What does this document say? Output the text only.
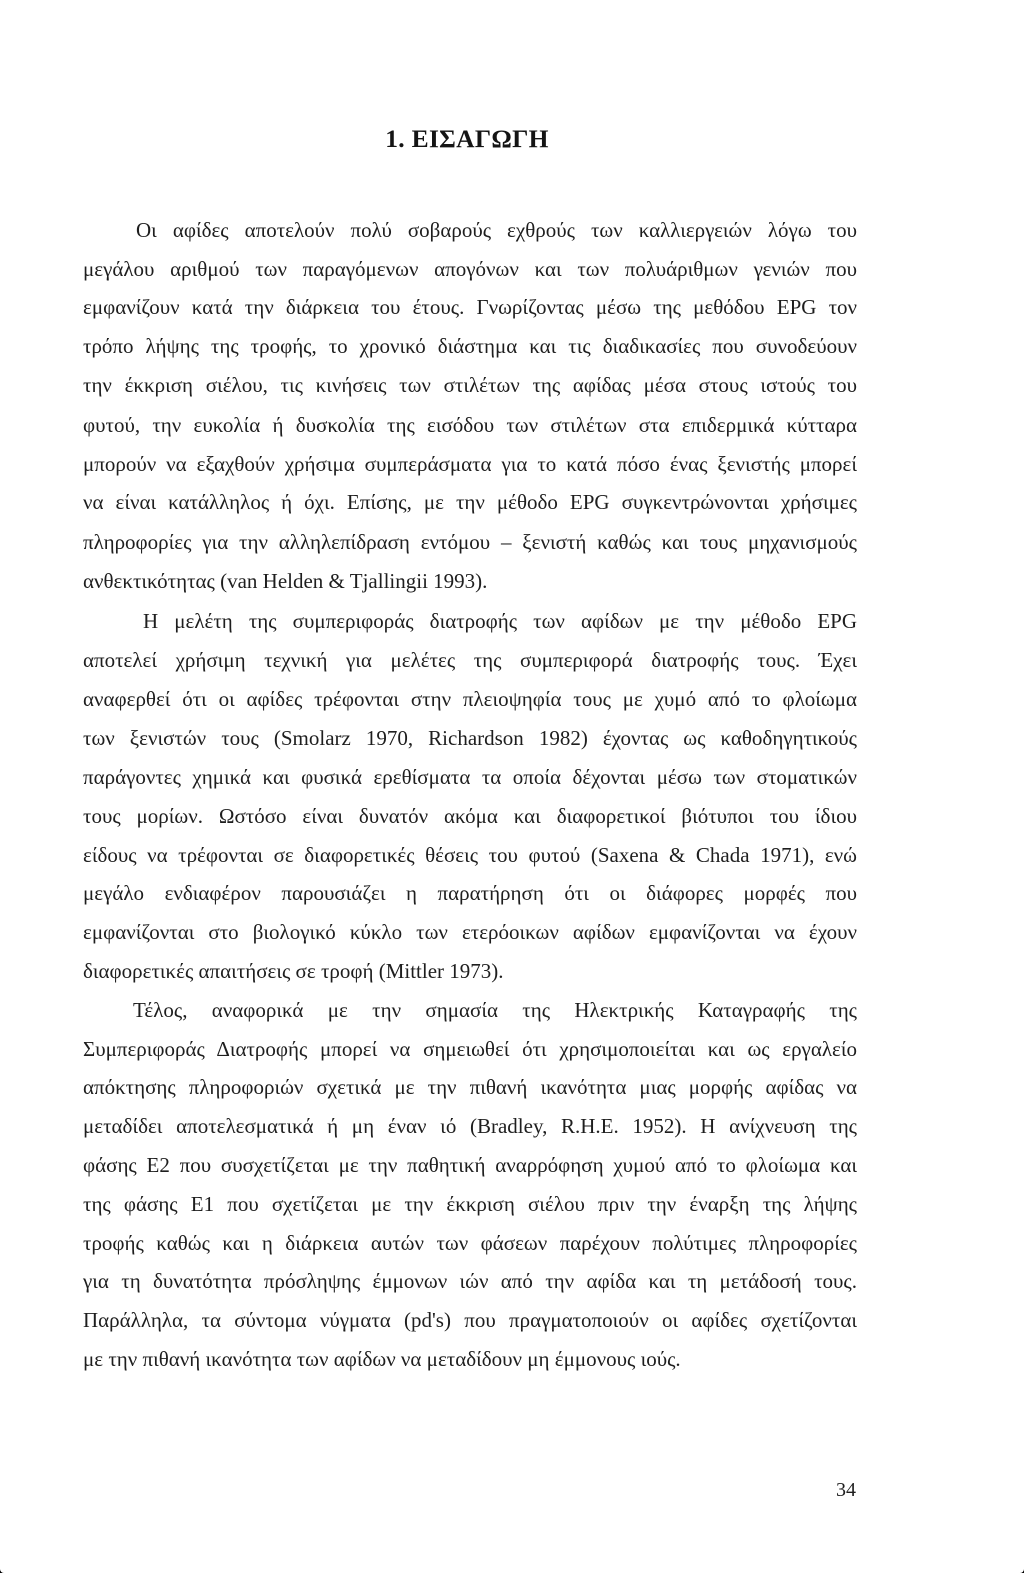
1. ΕΙΣΑΓΩΓΗ
Οι αφίδες αποτελούν πολύ σοβαρούς εχθρούς των καλλιεργειών λόγω του
μεγάλου αριθμού των παραγόμενων απογόνων και των πολυάριθμων γενιών που
εμφανίζουν κατά την διάρκεια του έτους. Γνωρίζοντας μέσω της μεθόδου EPG τον
τρόπο λήψης της τροφής, το χρονικό διάστημα και τις διαδικασίες που συνοδεύουν
την έκκριση σιέλου, τις κινήσεις των στιλέτων της αφίδας μέσα στους ιστούς του
φυτού, την ευκολία ή δυσκολία της εισόδου των στιλέτων στα επιδερμικά κύτταρα
μπορούν να εξαχθούν χρήσιμα συμπεράσματα για το κατά πόσο ένας ξενιστής μπορεί
να είναι κατάλληλος ή όχι. Επίσης, με την μέθοδο EPG συγκεντρώνονται χρήσιμες
πληροφορίες για την αλληλεπίδραση εντόμου – ξενιστή καθώς και τους μηχανισμούς
ανθεκτικότητας (van Helden & Tjallingii 1993).
Η μελέτη της συμπεριφοράς διατροφής των αφίδων με την μέθοδο EPG
αποτελεί χρήσιμη τεχνική για μελέτες της συμπεριφορά διατροφής τους. Έχει
αναφερθεί ότι οι αφίδες τρέφονται στην πλειοψηφία τους με χυμό από το φλοίωμα
των ξενιστών τους (Smolarz 1970, Richardson 1982) έχοντας ως καθοδηγητικούς
παράγοντες χημικά και φυσικά ερεθίσματα τα οποία δέχονται μέσω των στοματικών
τους μορίων. Ωστόσο είναι δυνατόν ακόμα και διαφορετικοί βιότυποι του ίδιου
είδους να τρέφονται σε διαφορετικές θέσεις του φυτού (Saxena & Chada 1971), ενώ
μεγάλο ενδιαφέρον παρουσιάζει η παρατήρηση ότι οι διάφορες μορφές που
εμφανίζονται στο βιολογικό κύκλο των ετερόοικων αφίδων εμφανίζονται να έχουν
διαφορετικές απαιτήσεις σε τροφή (Mittler 1973).
Τέλος, αναφορικά με την σημασία της Ηλεκτρικής Καταγραφής της
Συμπεριφοράς Διατροφής μπορεί να σημειωθεί ότι χρησιμοποιείται και ως εργαλείο
απόκτησης πληροφοριών σχετικά με την πιθανή ικανότητα μιας μορφής αφίδας να
μεταδίδει αποτελεσματικά ή μη έναν ιό (Bradley, R.H.E. 1952). Η ανίχνευση της
φάσης E2 που συσχετίζεται με την παθητική αναρρόφηση χυμού από το φλοίωμα και
της φάσης E1 που σχετίζεται με την έκκριση σιέλου πριν την έναρξη της λήψης
τροφής καθώς και η διάρκεια αυτών των φάσεων παρέχουν πολύτιμες πληροφορίες
για τη δυνατότητα πρόσληψης έμμονων ιών από την αφίδα και τη μετάδοσή τους.
Παράλληλα, τα σύντομα νύγματα (pd's) που πραγματοποιούν οι αφίδες σχετίζονται
με την πιθανή ικανότητα των αφίδων να μεταδίδουν μη έμμονους ιούς.
34
